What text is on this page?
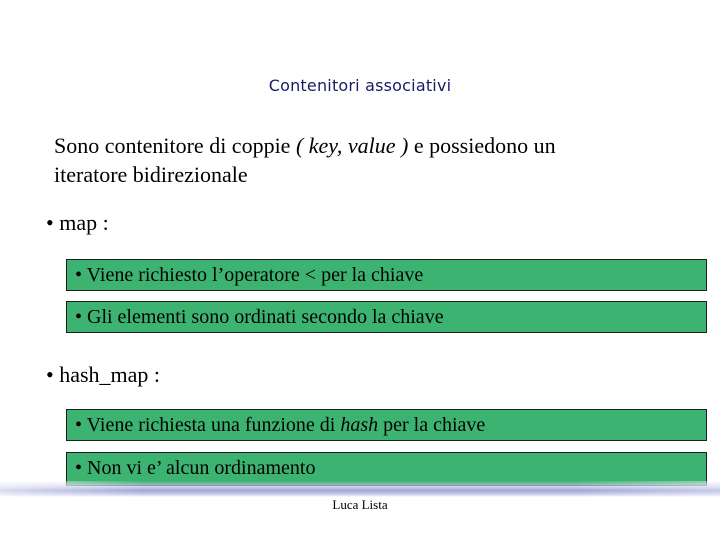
Contenitori associativi
Sono contenitore di coppie ( key, value ) e possiedono un
iteratore bidirezionale
• map :
• Viene richiesto l’operatore < per la chiave
• Gli elementi sono ordinati secondo la chiave
• hash_map :
• Viene richiesta una funzione di hash per la chiave
• Non vi e’ alcun ordinamento
Luca Lista
